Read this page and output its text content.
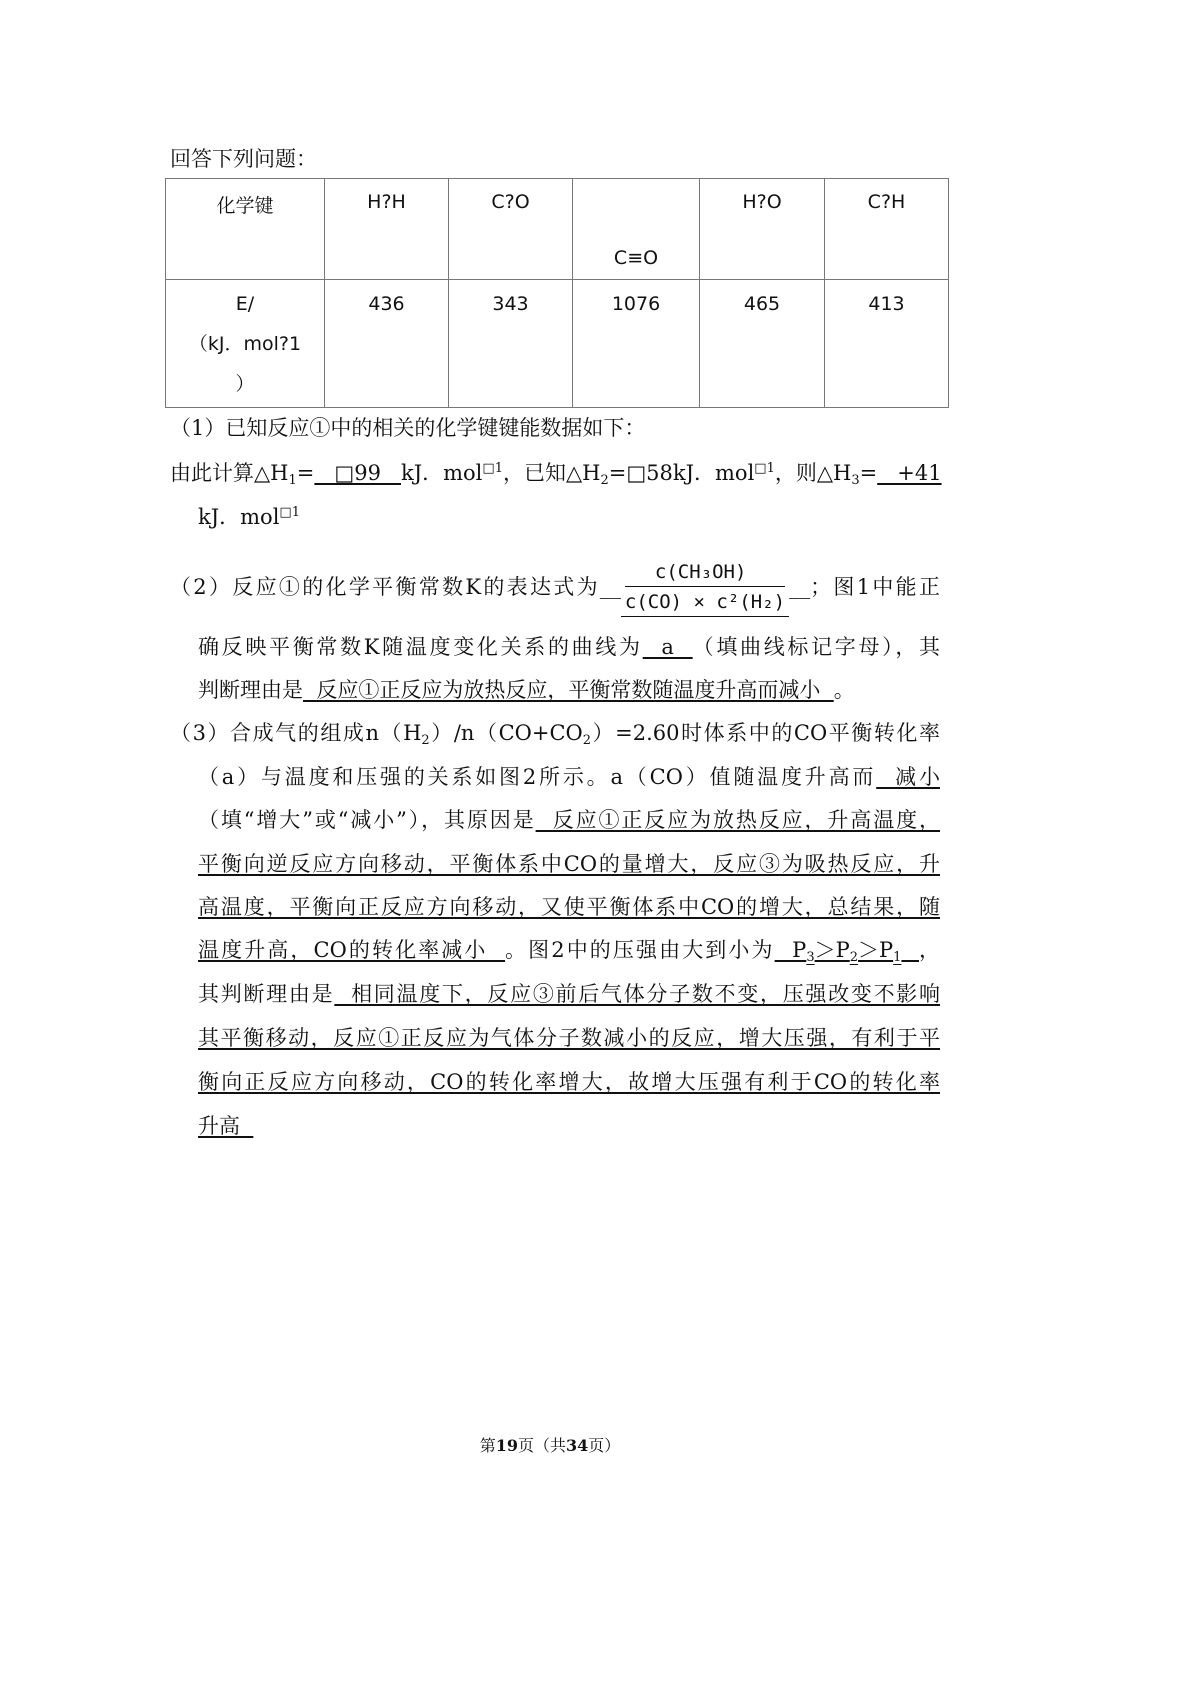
回答下列问题：
化学键	H?H	C?O	C≡O	H?O	C?H

E/
（kJ．mol?1
）	436	343	1076	465	413
（1）已知反应①中的相关的化学键键能数据如下：
由此计算$\triangle H_1=$   □99   kJ．mol$^{□1}$，已知$\triangle H_2=□58kJ$．mol$^{□1}$，则$\triangle H_3= +41$
kJ．mol$^{□1}$
（2）反应①的化学平衡常数K的表达式为__ $\frac{\text{c(CH₃OH)}}{\text{c(CO) × c²(H₂)}}$ __；图1中能正
确反映平衡常数K随温度变化关系的曲线为  a  （填曲线标记字母），其
判断理由是  反应①正反应为放热反应，平衡常数随温度升高而减小  。
（3）合成气的组成$n(H_2)/n(CO+CO_2)=2.60$时体系中的CO平衡转化率
（a）与温度和压强的关系如图2所示。a（CO）值随温度升高而  减小
（填“增大”或“减小”），其原因是  反应①正反应为放热反应，升高温度，
平衡向逆反应方向移动，平衡体系中CO的量增大，反应③为吸热反应，升
高温度，平衡向正反应方向移动，又使平衡体系中CO的增大，总结果，随
温度升高，CO的转化率减小  。图2中的压强由大到小为  $P_3>P_2>P_1$ ，
其判断理由是  相同温度下，反应③前后气体分子数不变，压强改变不影响
其平衡移动，反应①正反应为气体分子数减小的反应，增大压强，有利于平
衡向正反应方向移动，CO的转化率增大，故增大压强有利于CO的转化率
升高
第19页（共34页）
